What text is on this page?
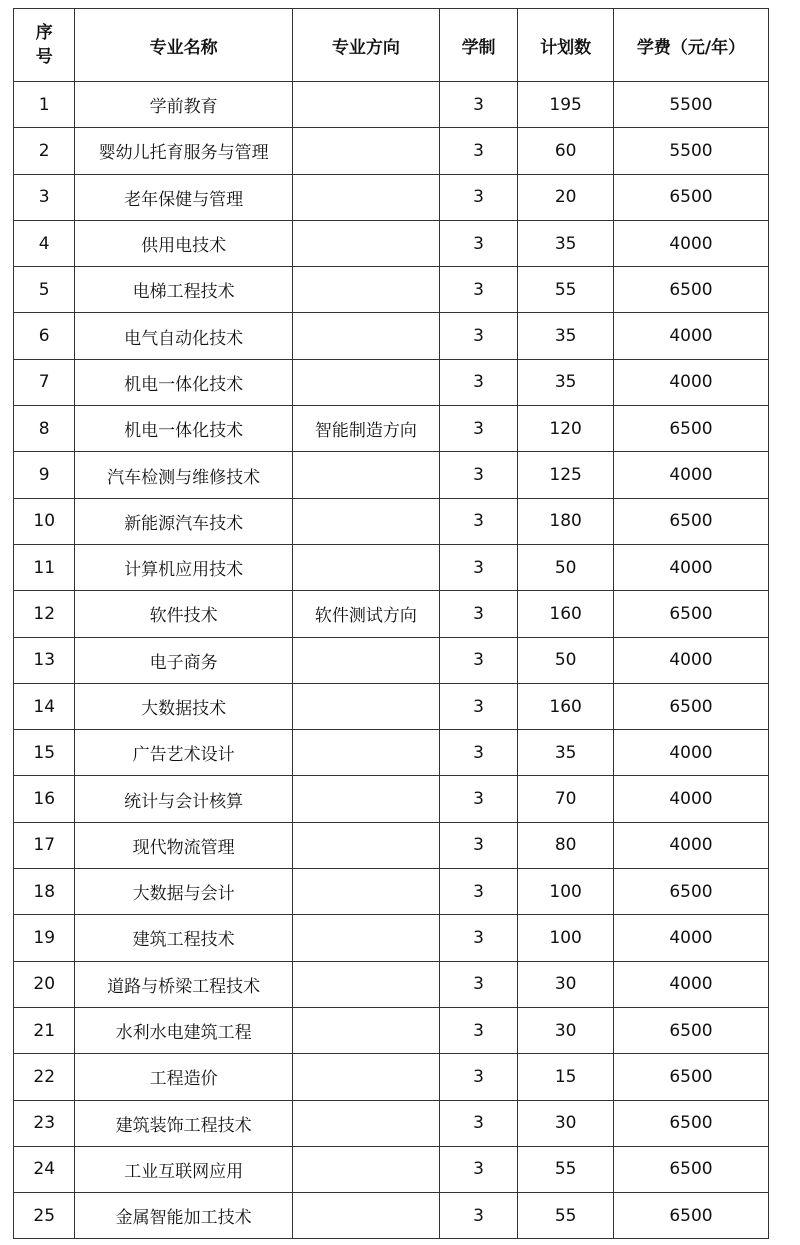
序
号	专业名称	专业方向	学制	计划数	学费（元/年）
1	学前教育		3	195	5500
2	婴幼儿托育服务与管理		3	60	5500
3	老年保健与管理		3	20	6500
4	供用电技术		3	35	4000
5	电梯工程技术		3	55	6500
6	电气自动化技术		3	35	4000
7	机电一体化技术		3	35	4000
8	机电一体化技术	智能制造方向	3	120	6500
9	汽车检测与维修技术		3	125	4000
10	新能源汽车技术		3	180	6500
11	计算机应用技术		3	50	4000
12	软件技术	软件测试方向	3	160	6500
13	电子商务		3	50	4000
14	大数据技术		3	160	6500
15	广告艺术设计		3	35	4000
16	统计与会计核算		3	70	4000
17	现代物流管理		3	80	4000
18	大数据与会计		3	100	6500
19	建筑工程技术		3	100	4000
20	道路与桥梁工程技术		3	30	4000
21	水利水电建筑工程		3	30	6500
22	工程造价		3	15	6500
23	建筑装饰工程技术		3	30	6500
24	工业互联网应用		3	55	6500
25	金属智能加工技术		3	55	6500
